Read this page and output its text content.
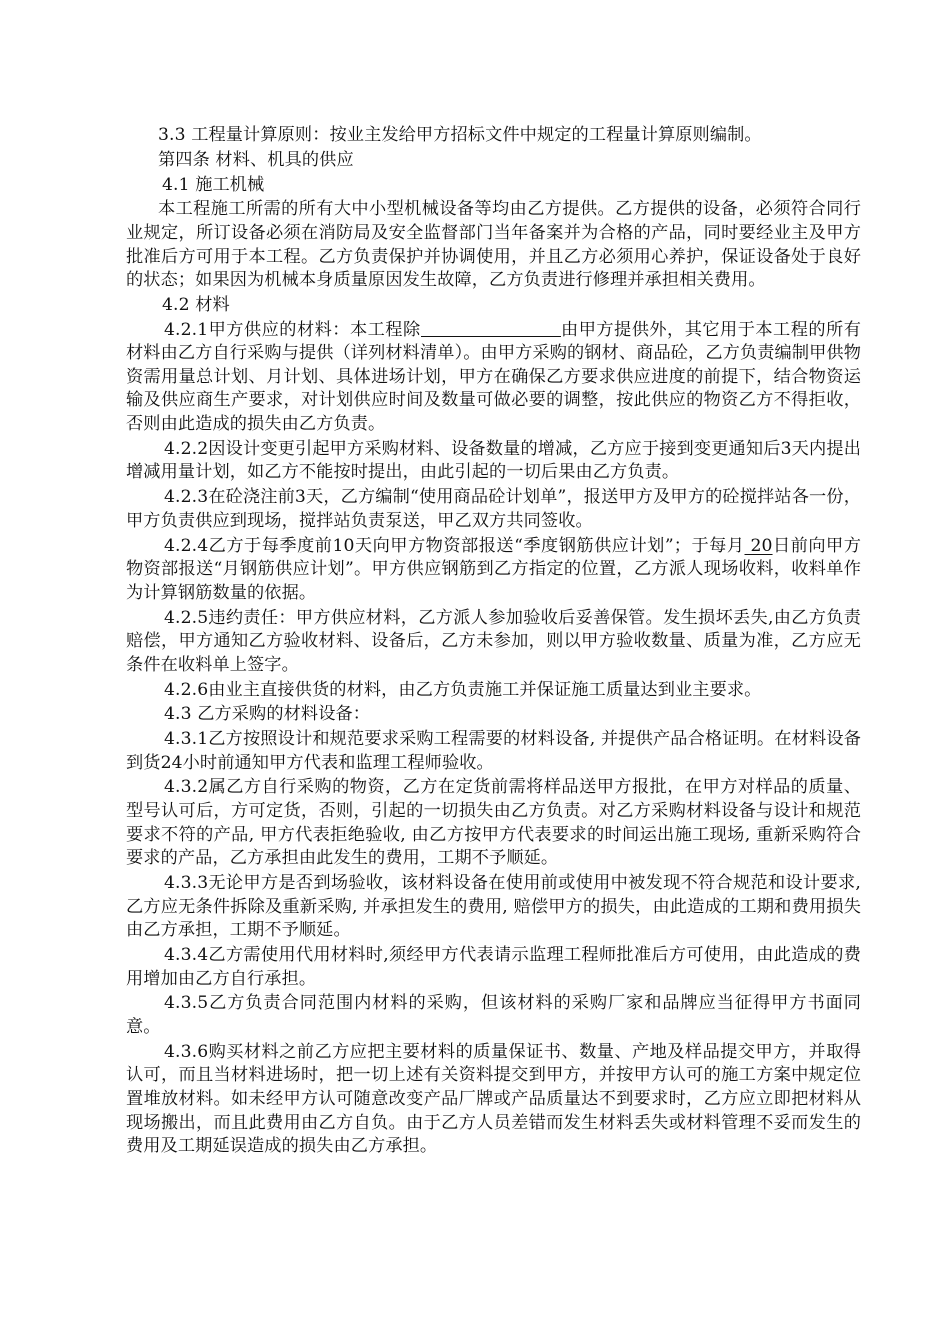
3.3 工程量计算原则：按业主发给甲方招标文件中规定的工程量计算原则编制。

第四条 材料、机具的供应

4.1 施工机械

本工程施工所需的所有大中小型机械设备等均由乙方提供。乙方提供的设备，必须符合同行业规定，所订设备必须在消防局及安全监督部门当年备案并为合格的产品，同时要经业主及甲方批准后方可用于本工程。乙方负责保护并协调使用，并且乙方必须用心养护，保证设备处于良好的状态；如果因为机械本身质量原因发生故障，乙方负责进行修理并承担相关费用。

4.2 材料

4.2.1甲方供应的材料：本工程除	由甲方提供外，其它用于本工程的所有材料由乙方自行采购与提供（详列材料清单）。由甲方采购的钢材、商品砼，乙方负责编制甲供物资需用量总计划、月计划、具体进场计划，甲方在确保乙方要求供应进度的前提下，结合物资运输及供应商生产要求，对计划供应时间及数量可做必要的调整，按此供应的物资乙方不得拒收，否则由此造成的损失由乙方负责。

4.2.2因设计变更引起甲方采购材料、设备数量的增减，乙方应于接到变更通知后3天内提出增减用量计划，如乙方不能按时提出，由此引起的一切后果由乙方负责。

4.2.3在砼浇注前3天，乙方编制“使用商品砼计划单”，报送甲方及甲方的砼搅拌站各一份，甲方负责供应到现场，搅拌站负责泵送，甲乙双方共同签收。

4.2.4乙方于每季度前10天向甲方物资部报送“季度钢筋供应计划”；于每月 20日前向甲方物资部报送“月钢筋供应计划”。甲方供应钢筋到乙方指定的位置，乙方派人现场收料，收料单作为计算钢筋数量的依据。

4.2.5违约责任：甲方供应材料，乙方派人参加验收后妥善保管。发生损坏丢失,由乙方负责赔偿，甲方通知乙方验收材料、设备后，乙方未参加，则以甲方验收数量、质量为准，乙方应无条件在收料单上签字。

4.2.6由业主直接供货的材料，由乙方负责施工并保证施工质量达到业主要求。

4.3 乙方采购的材料设备：

4.3.1乙方按照设计和规范要求采购工程需要的材料设备, 并提供产品合格证明。在材料设备到货24小时前通知甲方代表和监理工程师验收。

4.3.2属乙方自行采购的物资，乙方在定货前需将样品送甲方报批，在甲方对样品的质量、型号认可后，方可定货，否则，引起的一切损失由乙方负责。对乙方采购材料设备与设计和规范要求不符的产品, 甲方代表拒绝验收, 由乙方按甲方代表要求的时间运出施工现场, 重新采购符合要求的产品，乙方承担由此发生的费用，工期不予顺延。

4.3.3无论甲方是否到场验收，该材料设备在使用前或使用中被发现不符合规范和设计要求, 乙方应无条件拆除及重新采购, 并承担发生的费用, 赔偿甲方的损失，由此造成的工期和费用损失由乙方承担，工期不予顺延。

4.3.4乙方需使用代用材料时,须经甲方代表请示监理工程师批准后方可使用，由此造成的费用增加由乙方自行承担。

4.3.5乙方负责合同范围内材料的采购，但该材料的采购厂家和品牌应当征得甲方书面同意。

4.3.6购买材料之前乙方应把主要材料的质量保证书、数量、产地及样品提交甲方，并取得认可，而且当材料进场时，把一切上述有关资料提交到甲方，并按甲方认可的施工方案中规定位置堆放材料。如未经甲方认可随意改变产品厂牌或产品质量达不到要求时，乙方应立即把材料从现场搬出，而且此费用由乙方自负。由于乙方人员差错而发生材料丢失或材料管理不妥而发生的费用及工期延误造成的损失由乙方承担。
